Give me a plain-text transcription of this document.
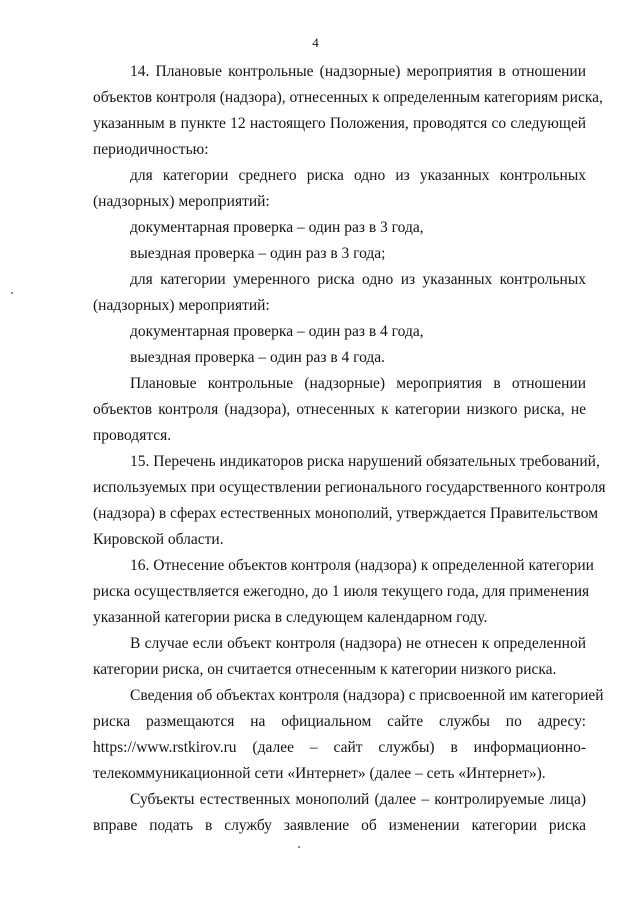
4
14. Плановые контрольные (надзорные) мероприятия в отношении
объектов контроля (надзора), отнесенных к определенным категориям риска,
указанным в пункте 12 настоящего Положения, проводятся со следующей
периодичностью:
для категории среднего риска одно из указанных контрольных
(надзорных) мероприятий:
документарная проверка – один раз в 3 года,
выездная проверка – один раз в 3 года;
для категории умеренного риска одно из указанных контрольных
(надзорных) мероприятий:
документарная проверка – один раз в 4 года,
выездная проверка – один раз в 4 года.
Плановые контрольные (надзорные) мероприятия в отношении
объектов контроля (надзора), отнесенных к категории низкого риска, не
проводятся.
15. Перечень индикаторов риска нарушений обязательных требований,
используемых при осуществлении регионального государственного контроля
(надзора) в сферах естественных монополий, утверждается Правительством
Кировской области.
16. Отнесение объектов контроля (надзора) к определенной категории
риска осуществляется ежегодно, до 1 июля текущего года, для применения
указанной категории риска в следующем календарном году.
В случае если объект контроля (надзора) не отнесен к определенной
категории риска, он считается отнесенным к категории низкого риска.
Сведения об объектах контроля (надзора) с присвоенной им категорией
риска размещаются на официальном сайте службы по адресу:
https://www.rstkirov.ru (далее – сайт службы) в информационно-
телекоммуникационной сети «Интернет» (далее – сеть «Интернет»).
Субъекты естественных монополий (далее – контролируемые лица)
вправе подать в службу заявление об изменении категории риска
